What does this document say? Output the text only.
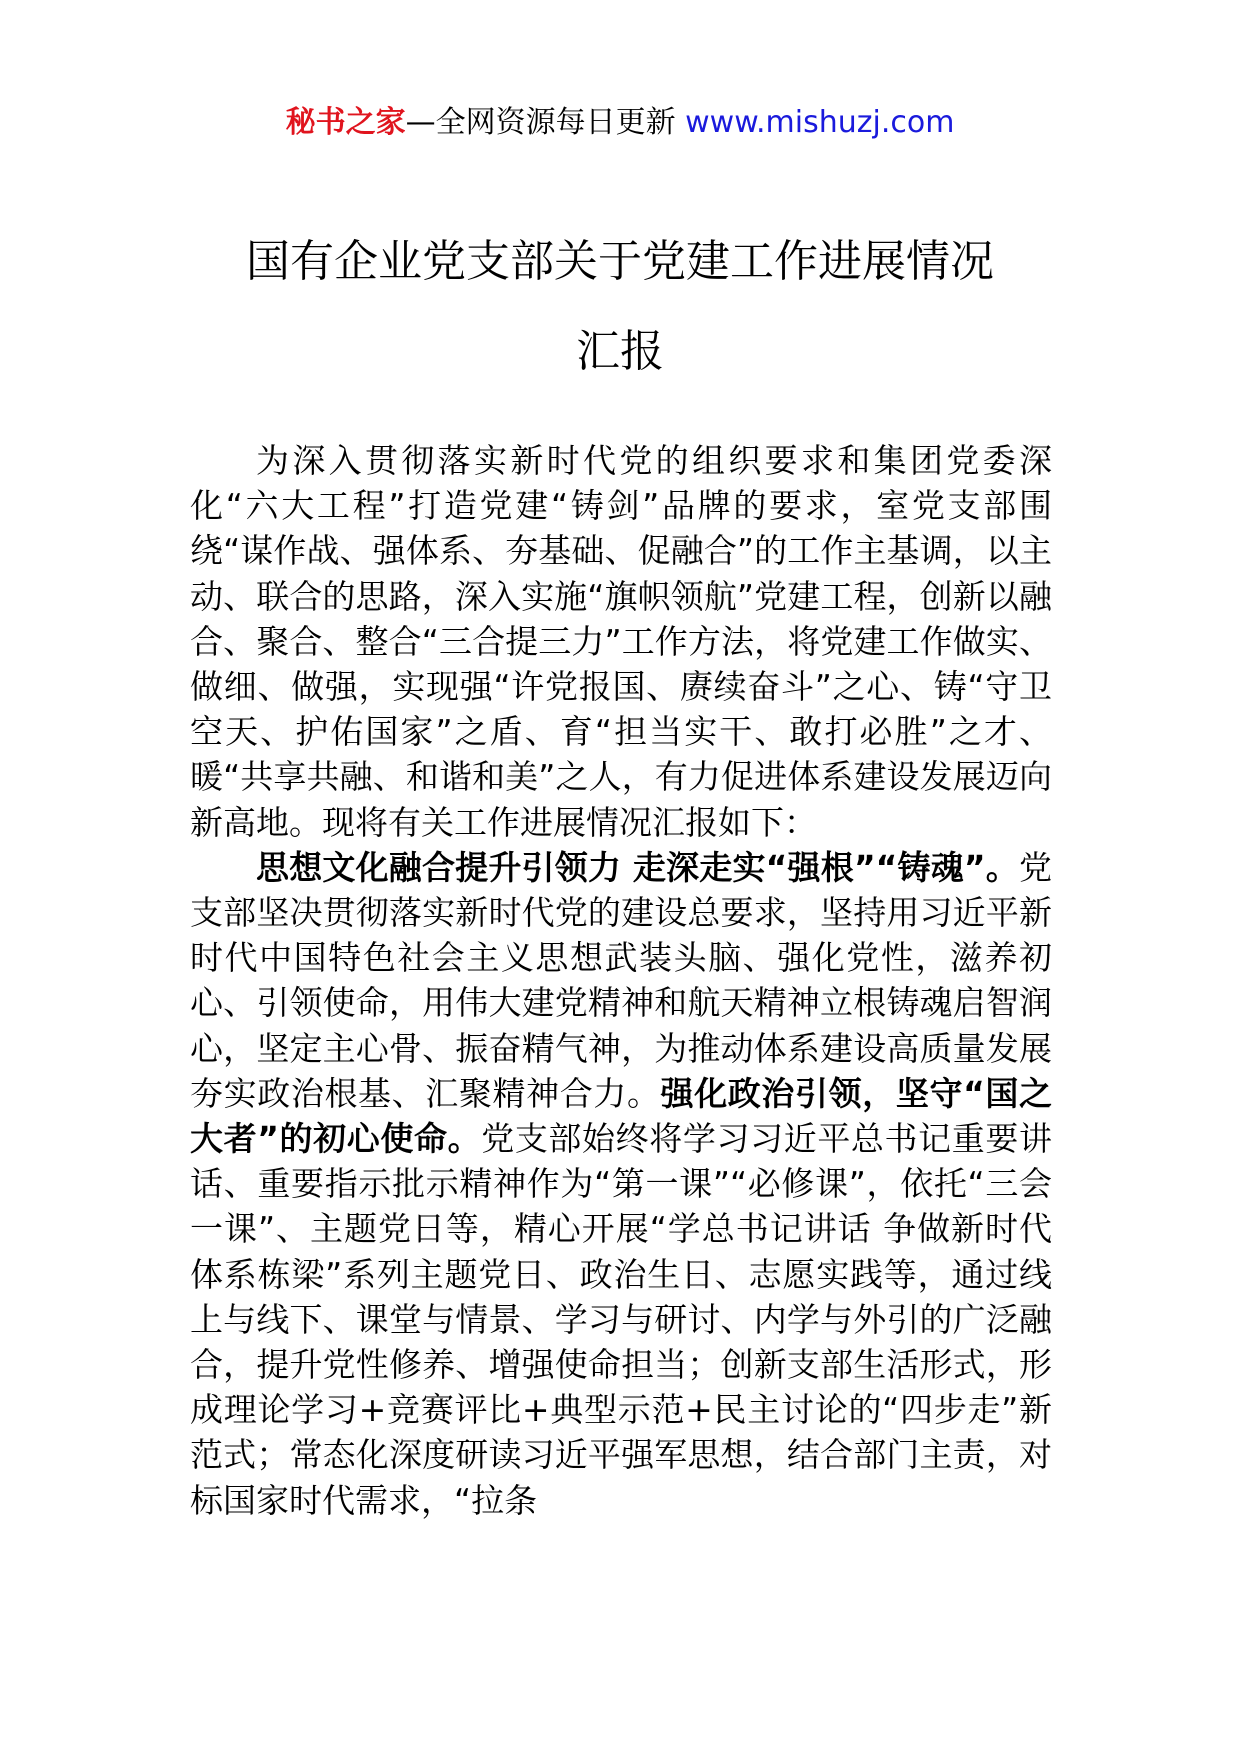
秘书之家—全网资源每日更新 www.mishuzj.com
国有企业党支部关于党建工作进展情况
汇报

为深入贯彻落实新时代党的组织要求和集团党委深化“六大工程”打造党建“铸剑”品牌的要求，室党支部围绕“谋作战、强体系、夯基础、促融合”的工作主基调，以主动、联合的思路，深入实施“旗帜领航”党建工程，创新以融合、聚合、整合“三合提三力”工作方法，将党建工作做实、做细、做强，实现强“许党报国、赓续奋斗”之心、铸“守卫空天、护佑国家”之盾、育“担当实干、敢打必胜”之才、暖“共享共融、和谐和美”之人，有力促进体系建设发展迈向新高地。现将有关工作进展情况汇报如下：

思想文化融合提升引领力 走深走实“强根”“铸魂”。党支部坚决贯彻落实新时代党的建设总要求，坚持用习近平新时代中国特色社会主义思想武装头脑、强化党性，滋养初心、引领使命，用伟大建党精神和航天精神立根铸魂启智润心，坚定主心骨、振奋精气神，为推动体系建设高质量发展夯实政治根基、汇聚精神合力。强化政治引领，坚守“国之大者”的初心使命。党支部始终将学习习近平总书记重要讲话、重要指示批示精神作为“第一课”“必修课”，依托“三会一课”、主题党日等，精心开展“学总书记讲话 争做新时代体系栋梁”系列主题党日、政治生日、志愿实践等，通过线上与线下、课堂与情景、学习与研讨、内学与外引的广泛融合，提升党性修养、增强使命担当；创新支部生活形式，形成理论学习+竞赛评比+典型示范+民主讨论的“四步走”新范式；常态化深度研读习近平强军思想，结合部门主责，对标国家时代需求，“拉条
